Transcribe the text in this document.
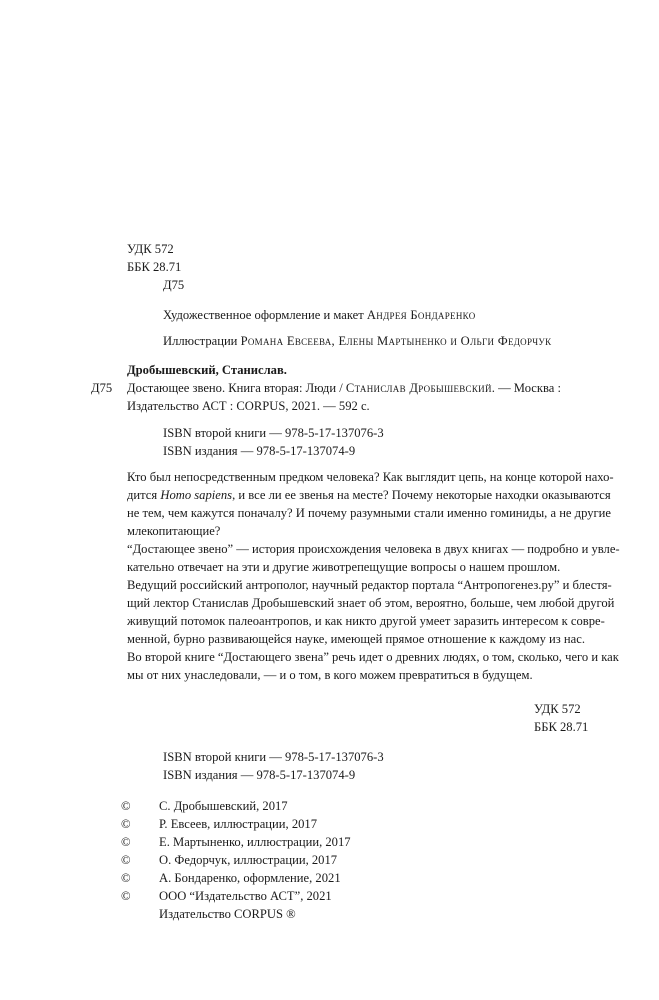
УДК 572
ББК 28.71
Д75
Художественное оформление и макет Андрея Бондаренко
Иллюстрации Романа Евсеева, Елены Мартыненко и Ольги Федорчук
Дробышевский, Станислав.
Д75 Достающее звено. Книга вторая: Люди / Станислав Дробышевский. — Москва :
Издательство АСТ : CORPUS, 2021. — 592 с.
ISBN второй книги — 978-5-17-137076-3
ISBN издания — 978-5-17-137074-9
Кто был непосредственным предком человека? Как выглядит цепь, на конце которой нахо-
дится Homo sapiens, и все ли ее звенья на месте? Почему некоторые находки оказываются
не тем, чем кажутся поначалу? И почему разумными стали именно гоминиды, а не другие
млекопитающие?
“Достающее звено” — история происхождения человека в двух книгах — подробно и увле-
кательно отвечает на эти и другие животрепещущие вопросы о нашем прошлом.
Ведущий российский антрополог, научный редактор портала “Антропогенез.ру” и блестя-
щий лектор Станислав Дробышевский знает об этом, вероятно, больше, чем любой другой
живущий потомок палеоантропов, и как никто другой умеет заразить интересом к совре-
менной, бурно развивающейся науке, имеющей прямое отношение к каждому из нас.
Во второй книге “Достающего звена” речь идет о древних людях, о том, сколько, чего и как
мы от них унаследовали, — и о том, в кого можем превратиться в будущем.
УДК 572
ББК 28.71
ISBN второй книги — 978-5-17-137076-3
ISBN издания — 978-5-17-137074-9
© С. Дробышевский, 2017
© Р. Евсеев, иллюстрации, 2017
© Е. Мартыненко, иллюстрации, 2017
© О. Федорчук, иллюстрации, 2017
© А. Бондаренко, оформление, 2021
© ООО “Издательство АСТ”, 2021
Издательство CORPUS ®
